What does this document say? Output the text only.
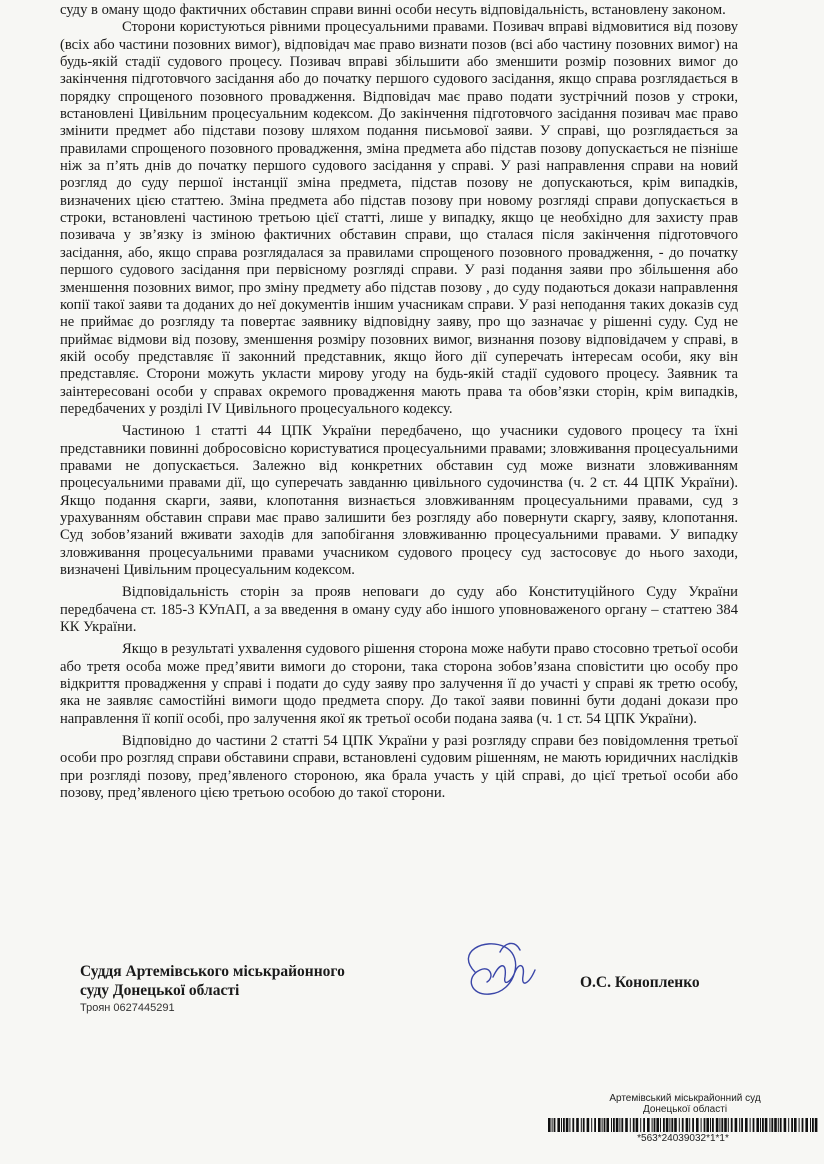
суду в оману щодо фактичних обставин справи винні особи несуть відповідальність, встановлену законом.

Сторони користуються рівними процесуальними правами. Позивач вправі відмовитися від позову (всіх або частини позовних вимог), відповідач має право визнати позов (всі або частину позовних вимог) на будь-якій стадії судового процесу. Позивач вправі збільшити або зменшити розмір позовних вимог до закінчення підготовчого засідання або до початку першого судового засідання, якщо справа розглядається в порядку спрощеного позовного провадження. Відповідач має право подати зустрічний позов у строки, встановлені Цивільним процесуальним кодексом. До закінчення підготовчого засідання позивач має право змінити предмет або підстави позову шляхом подання письмової заяви. У справі, що розглядається за правилами спрощеного позовного провадження, зміна предмета або підстав позову допускається не пізніше ніж за п’ять днів до початку першого судового засідання у справі. У разі направлення справи на новий розгляд до суду першої інстанції зміна предмета, підстав позову не допускаються, крім випадків, визначених цією статтею. Зміна предмета або підстав позову при новому розгляді справи допускається в строки, встановлені частиною третьою цієї статті, лише у випадку, якщо це необхідно для захисту прав позивача у зв’язку із зміною фактичних обставин справи, що сталася після закінчення підготовчого засідання, або, якщо справа розглядалася за правилами спрощеного позовного провадження, - до початку першого судового засідання при первісному розгляді справи. У разі подання заяви про збільшення або зменшення позовних вимог, про зміну предмету або підстав позову , до суду подаються докази направлення копії такої заяви та доданих до неї документів іншим учасникам справи. У разі неподання таких доказів суд не приймає до розгляду та повертає заявнику відповідну заяву, про що зазначає у рішенні суду. Суд не приймає відмови від позову, зменшення розміру позовних вимог, визнання позову відповідачем у справі, в якій особу представляє її законний представник, якщо його дії суперечать інтересам особи, яку він представляє. Сторони можуть укласти мирову угоду на будь-якій стадії судового процесу. Заявник та заінтересовані особи у справах окремого провадження мають права та обов’язки сторін, крім випадків, передбачених у розділі IV Цивільного процесуального кодексу.

Частиною 1 статті 44 ЦПК України передбачено, що учасники судового процесу та їхні представники повинні добросовісно користуватися процесуальними правами; зловживання процесуальними правами не допускається. Залежно від конкретних обставин суд може визнати зловживанням процесуальними правами дії, що суперечать завданню цивільного судочинства (ч. 2 ст. 44 ЦПК України). Якщо подання скарги, заяви, клопотання визнається зловживанням процесуальними правами, суд з урахуванням обставин справи має право залишити без розгляду або повернути скаргу, заяву, клопотання. Суд зобов’язаний вживати заходів для запобігання зловживанню процесуальними правами. У випадку зловживання процесуальними правами учасником судового процесу суд застосовує до нього заходи, визначені Цивільним процесуальним кодексом.

Відповідальність сторін за прояв неповаги до суду або Конституційного Суду України передбачена ст. 185-3 КУпАП, а за введення в оману суду або іншого уповноваженого органу – статтею 384 КК України.

Якщо в результаті ухвалення судового рішення сторона може набути право стосовно третьої особи або третя особа може пред’явити вимоги до сторони, така сторона зобов’язана сповістити цю особу про відкриття провадження у справі і подати до суду заяву про залучення її до участі у справі як третю особу, яка не заявляє самостійні вимоги щодо предмета спору. До такої заяви повинні бути додані докази про направлення її копії особі, про залучення якої як третьої особи подана заява (ч. 1 ст. 54 ЦПК України).

Відповідно до частини 2 статті 54 ЦПК України у разі розгляду справи без повідомлення третьої особи про розгляд справи обставини справи, встановлені судовим рішенням, не мають юридичних наслідків при розгляді позову, пред’явленого стороною, яка брала участь у цій справі, до цієї третьої особи або позову, пред’явленого цією третьою особою до такої сторони.

Суддя Артемівського міськрайонного
суду Донецької області	О.С. Конопленко
Троян 0627445291
Артемівський міськрайонний суд
Донецької області
*563*24039032*1*1*
